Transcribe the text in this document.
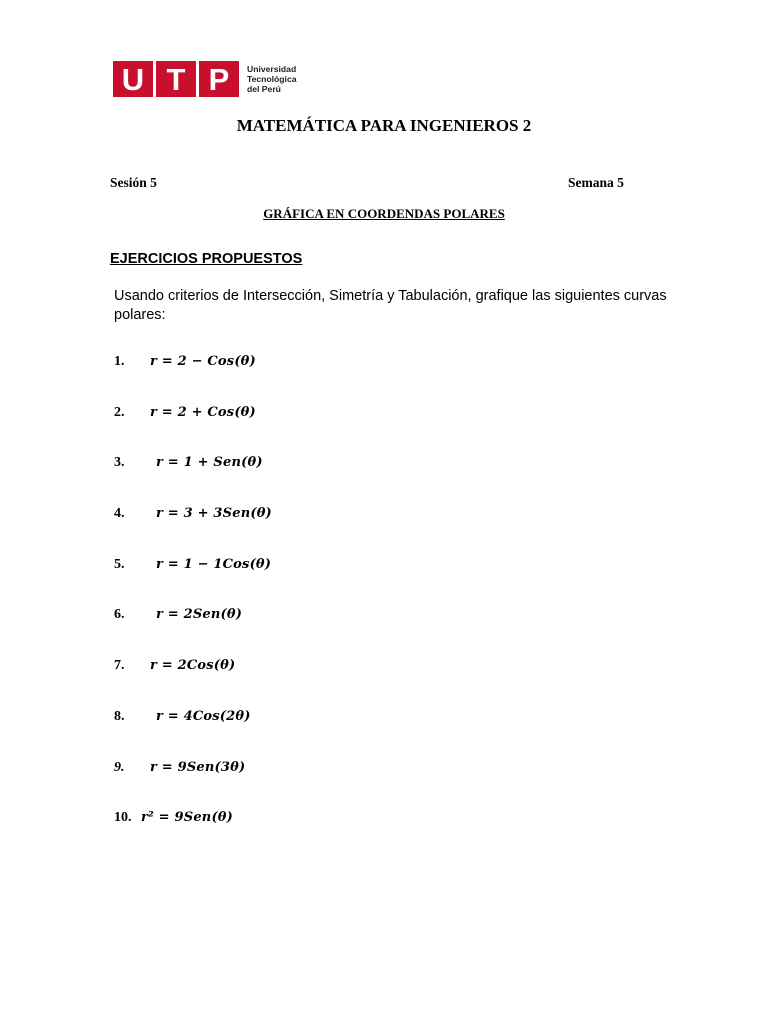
U T P	Universidad
Tecnológica
del Perú
MATEMÁTICA PARA INGENIEROS 2
Sesión 5	Semana 5
GRÁFICA EN COORDENDAS POLARES
EJERCICIOS PROPUESTOS
Usando criterios de Intersección, Simetría y Tabulación, grafique las siguientes curvas polares:
1.	r = 2 − Cos(θ)
2.	r = 2 + Cos(θ)
3.	r = 1 + Sen(θ)
4.	r = 3 + 3Sen(θ)
5.	r = 1 − 1Cos(θ)
6.	r = 2Sen(θ)
7.	r = 2Cos(θ)
8.	r = 4Cos(2θ)
9.	r = 9Sen(3θ)
10. r² = 9Sen(θ)
